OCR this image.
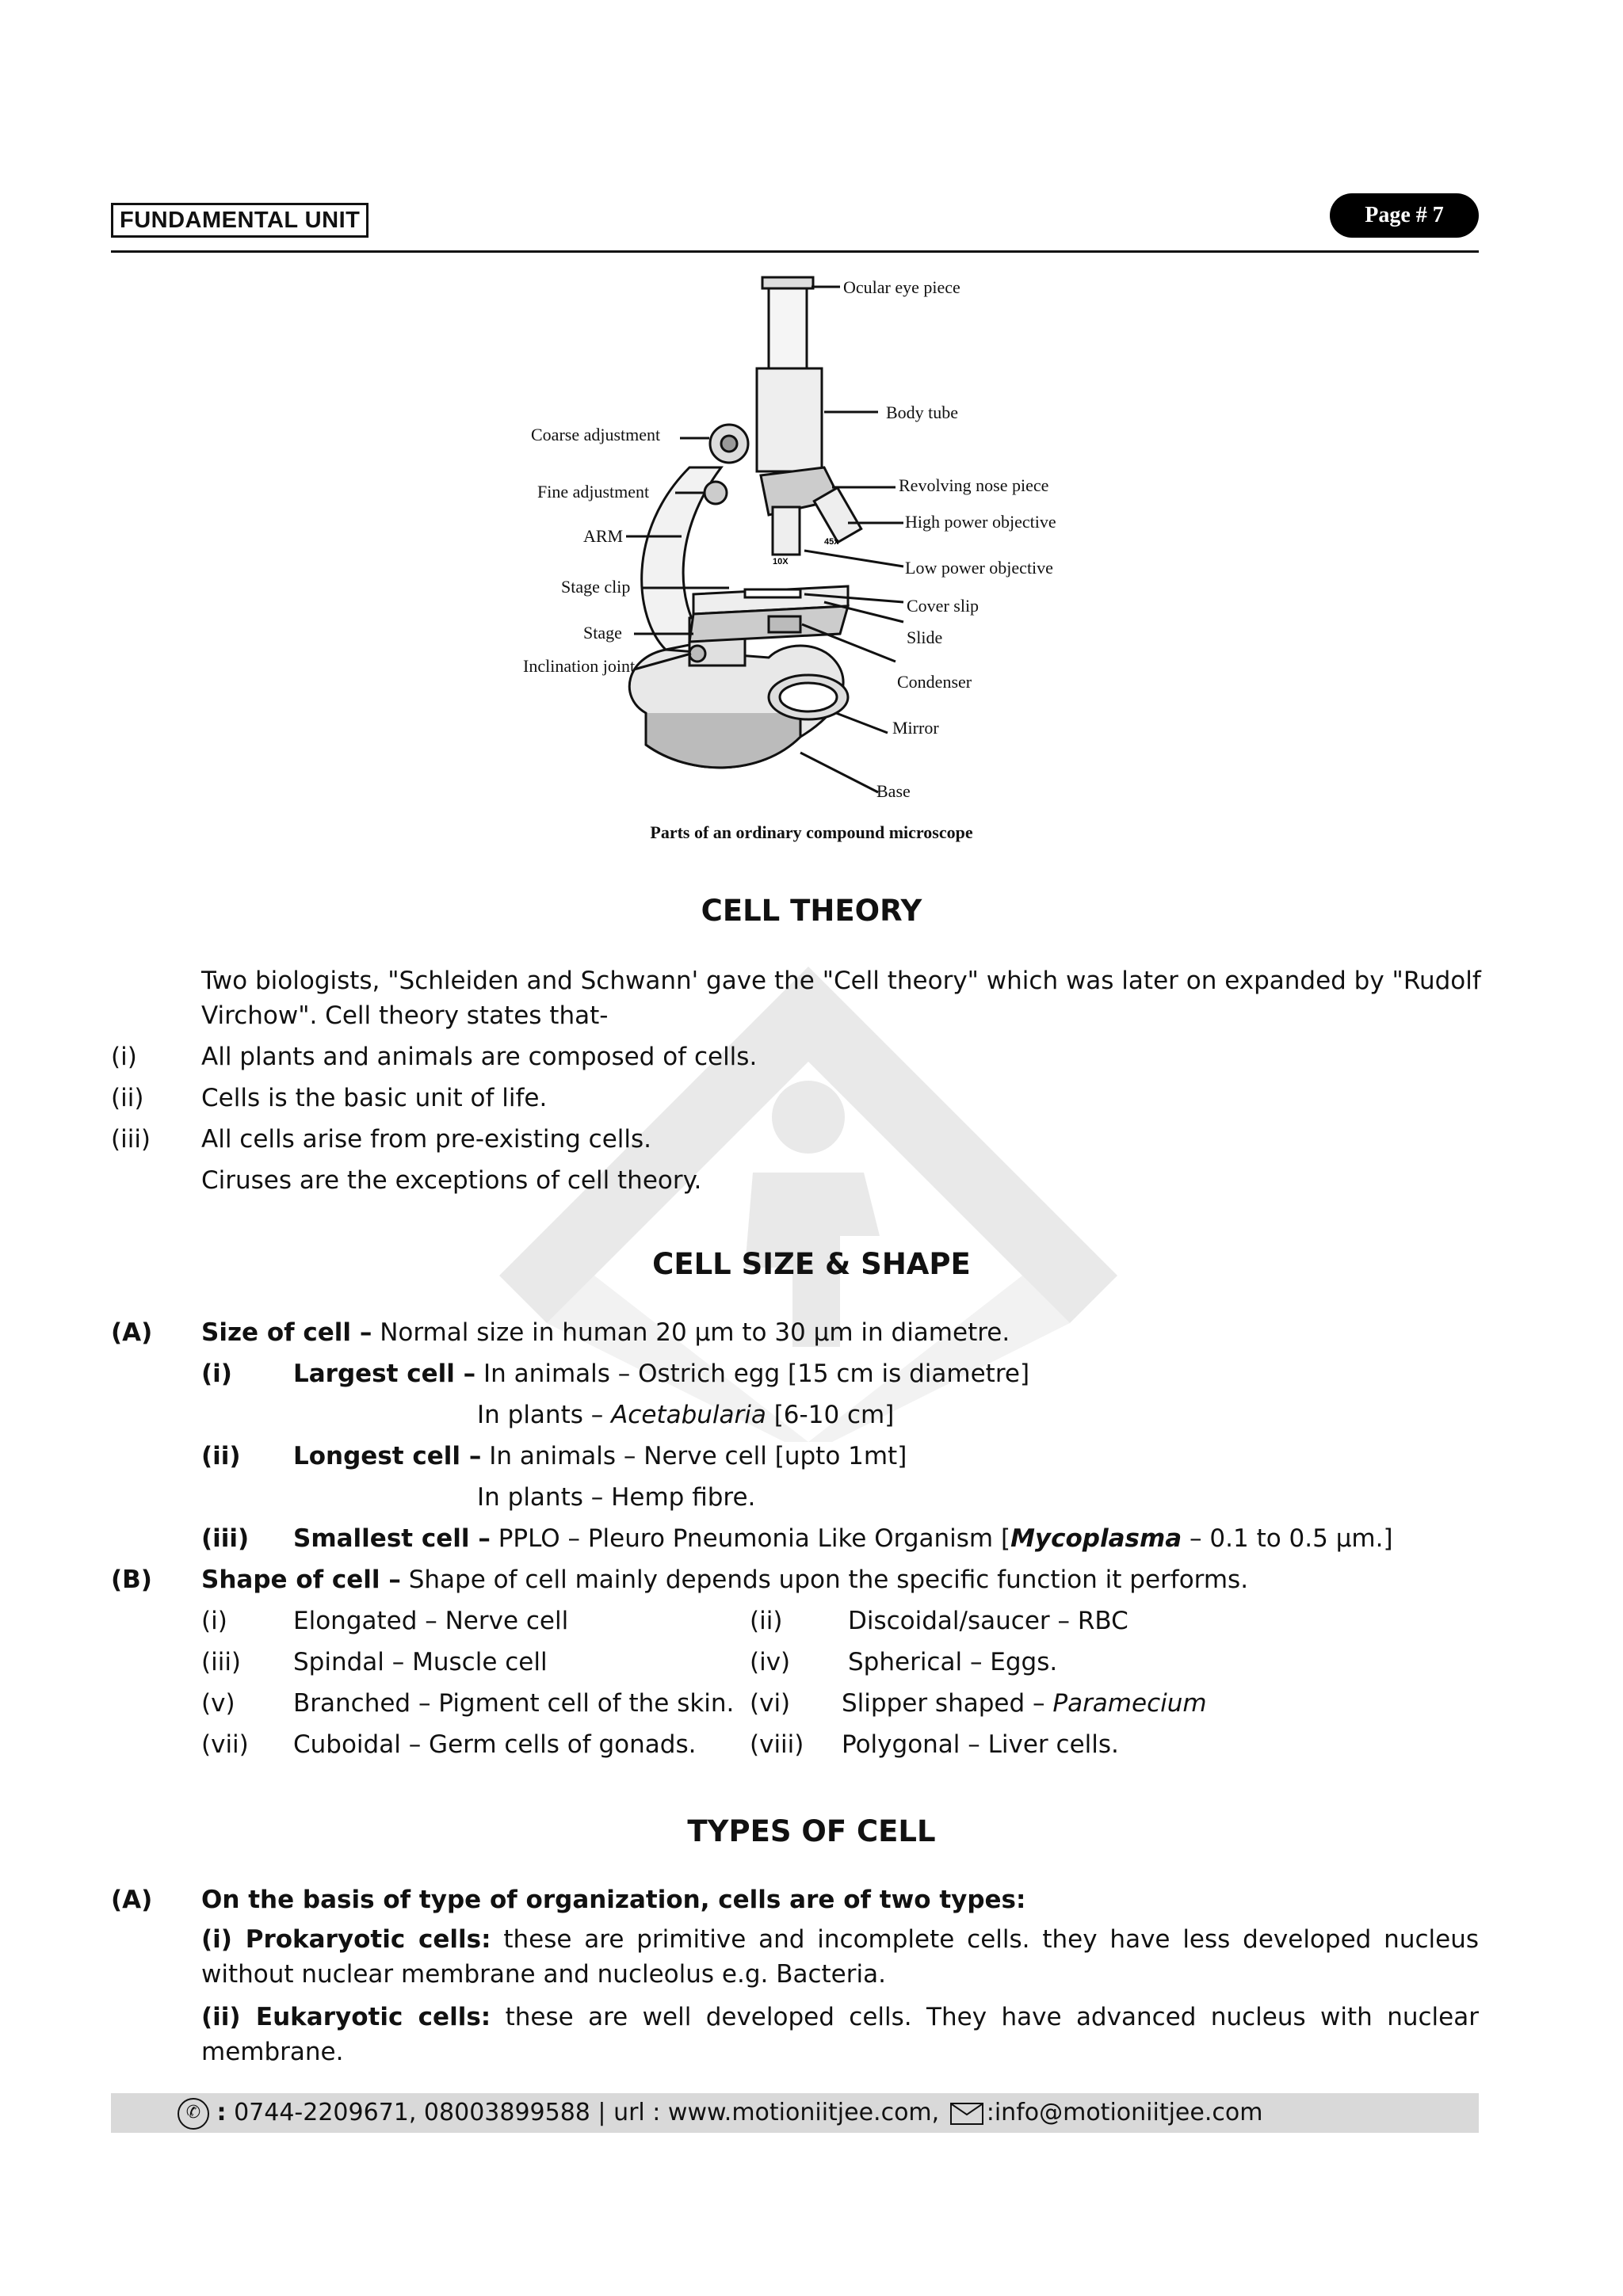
FUNDAMENTAL UNIT	Page # 7
45x
10X
Ocular eye piece
Body tube
Coarse adjustment
Fine adjustment
ARM
Stage clip
Stage
Inclination joint
Revolving nose piece
High power objective
Low power objective
Cover slip
Slide
Condenser
Mirror
Base
Parts of an ordinary compound microscope
CELL THEORY
Two biologists, "Schleiden and Schwann' gave the "Cell theory" which was later on expanded by "Rudolf
Virchow". Cell theory states that-
(i)	All plants and animals are composed of cells.
(ii) Cells is the basic unit of life.
(iii) All cells arise from pre-existing cells.
Ciruses are the exceptions of cell theory.
CELL SIZE & SHAPE
(A) Size of cell – Normal size in human 20 μm to 30 μm in diametre.
(i) Largest cell – In animals – Ostrich egg [15 cm is diametre]
In plants – Acetabularia [6-10 cm]
(ii) Longest cell – In animals – Nerve cell [upto 1mt]
In plants – Hemp fibre.
(iii) Smallest cell – PPLO – Pleuro Pneumonia Like Organism [Mycoplasma – 0.1 to 0.5 μm.]
(B) Shape of cell – Shape of cell mainly depends upon the specific function it performs.
(i)	Elongated – Nerve cell	(ii)	Discoidal/saucer – RBC
(iii) Spindal – Muscle cell	(iv) Spherical – Eggs.
(v) Branched – Pigment cell of the skin. (vi) Slipper shaped – Paramecium
(vii) Cuboidal – Germ cells of gonads. (viii) Polygonal – Liver cells.
TYPES OF CELL
(A) On the basis of type of organization, cells are of two types:
(i) Prokaryotic cells: these are primitive and incomplete cells. they have less developed nucleus without nuclear membrane and nucleolus e.g. Bacteria.
(ii) Eukaryotic cells: these are well developed cells. They have advanced nucleus with nuclear membrane.
✆ : 0744-2209671, 08003899588 | url : www.motioniitjee.com,
:info@motioniitjee.com
